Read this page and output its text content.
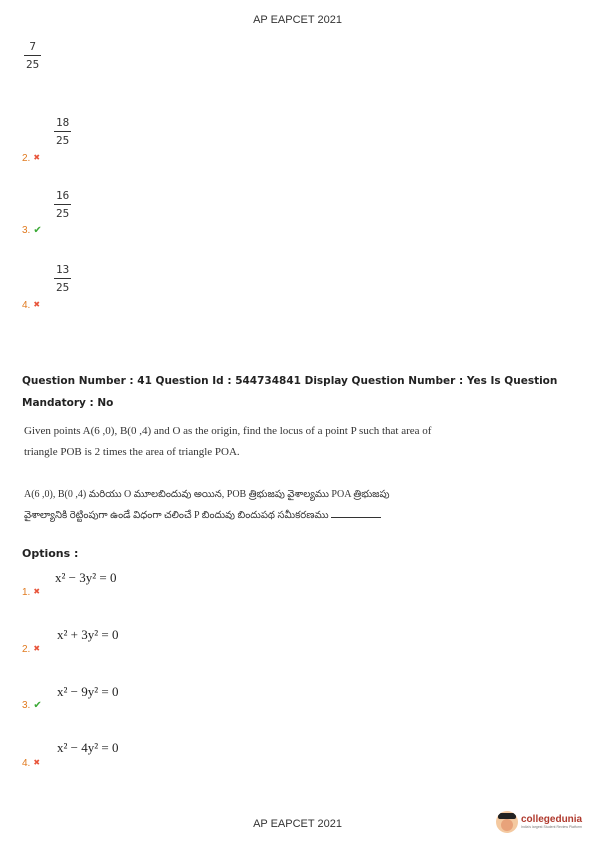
AP EAPCET 2021
7
25
2. ✖
18
25
3. ✔
16
25
4. ✖
13
25
Question Number : 41 Question Id : 544734841 Display Question Number : Yes Is Question
Mandatory : No
Given points A(6 ,0), B(0 ,4) and O as the origin, find the locus of a point P such that area of
triangle POB is 2 times the area of triangle POA.
A(6 ,0), B(0 ,4) మరియు O మూలబిందువు అయిన, POB త్రిభుజపు వైశాల్యము POA త్రిభుజపు
వైశాల్యానికి రెట్టింపుగా ఉండే విధంగా చలించే P బిందువు బిందుపథ సమీకరణము
Options :
1. ✖
x² − 3y² = 0
2. ✖
x² + 3y² = 0
3. ✔
x² − 9y² = 0
4. ✖
x² − 4y² = 0
AP EAPCET 2021	collegedunia
India's largest Student Review Platform
